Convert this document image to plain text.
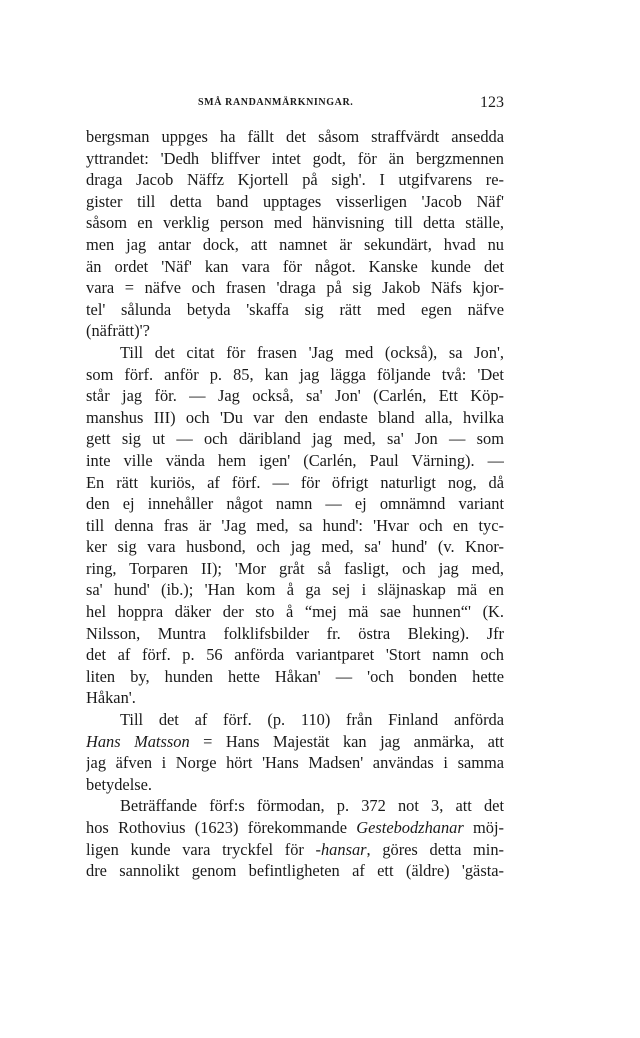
SMÅ RANDANMÄRKNINGAR.	123
bergsman uppges ha fällt det såsom straffvärdt ansedda
yttrandet: 'Dedh bliffver intet godt, för än bergzmennen
draga Jacob Näffz Kjortell på sigh'. I utgifvarens re-
gister till detta band upptages visserligen 'Jacob Näf'
såsom en verklig person med hänvisning till detta ställe,
men jag antar dock, att namnet är sekundärt, hvad nu
än ordet 'Näf' kan vara för något. Kanske kunde det
vara = näfve och frasen 'draga på sig Jakob Näfs kjor-
tel' sålunda betyda 'skaffa sig rätt med egen näfve
(näfrätt)'?
Till det citat för frasen 'Jag med (också), sa Jon',
som förf. anför p. 85, kan jag lägga följande två: 'Det
står jag för. — Jag också, sa' Jon' (Carlén, Ett Köp-
manshus III) och 'Du var den endaste bland alla, hvilka
gett sig ut — och däribland jag med, sa' Jon — som
inte ville vända hem igen' (Carlén, Paul Värning). —
En rätt kuriös, af förf. — för öfrigt naturligt nog, då
den ej innehåller något namn — ej omnämnd variant
till denna fras är 'Jag med, sa hund': 'Hvar och en tyc-
ker sig vara husbond, och jag med, sa' hund' (v. Knor-
ring, Torparen II); 'Mor gråt så fasligt, och jag med,
sa' hund' (ib.); 'Han kom å ga sej i släjnaskap mä en
hel hoppra däker der sto å “mej mä sae hunnen“' (K.
Nilsson, Muntra folklifsbilder fr. östra Bleking). Jfr
det af förf. p. 56 anförda variantparet 'Stort namn och
liten by, hunden hette Håkan' — 'och bonden hette
Håkan'.
Till det af förf. (p. 110) från Finland anförda
Hans Matsson = Hans Majestät kan jag anmärka, att
jag äfven i Norge hört 'Hans Madsen' användas i samma
betydelse.
Beträffande förf:s förmodan, p. 372 not 3, att det
hos Rothovius (1623) förekommande Gestebodzhanar möj-
ligen kunde vara tryckfel för -hansar, göres detta min-
dre sannolikt genom befintligheten af ett (äldre) 'gästa-
